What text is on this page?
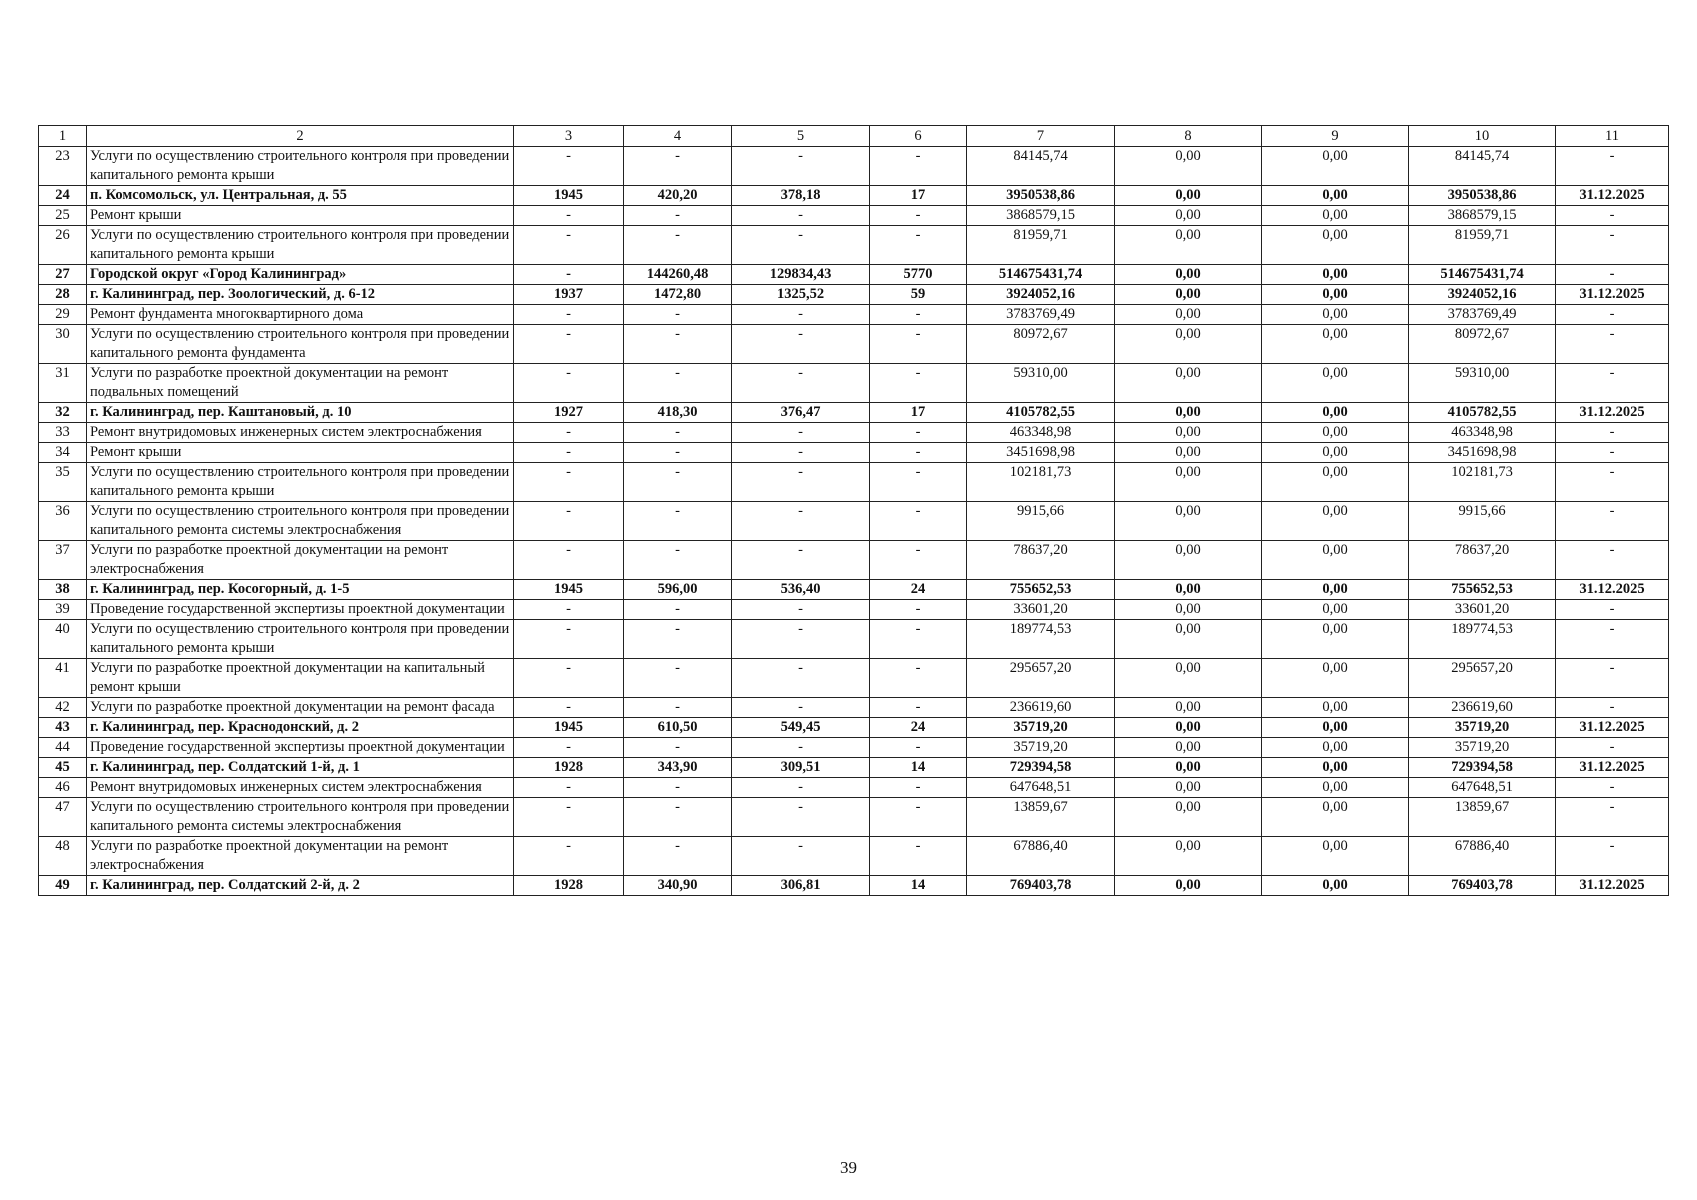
1	2	3	4	5	6	7	8	9	10	11
23	Услуги по осуществлению строительного контроля при проведении капитального ремонта крыши	-	-	-	-	84145,74	0,00	0,00	84145,74	-
24	п. Комсомольск, ул. Центральная, д. 55	1945	420,20	378,18	17	3950538,86	0,00	0,00	3950538,86	31.12.2025
25	Ремонт крыши	-	-	-	-	3868579,15	0,00	0,00	3868579,15	-
26	Услуги по осуществлению строительного контроля при проведении капитального ремонта крыши	-	-	-	-	81959,71	0,00	0,00	81959,71	-
27	Городской округ «Город Калининград»	-	144260,48	129834,43	5770	514675431,74	0,00	0,00	514675431,74	-
28	г. Калининград, пер. Зоологический, д. 6-12	1937	1472,80	1325,52	59	3924052,16	0,00	0,00	3924052,16	31.12.2025
29	Ремонт фундамента многоквартирного дома	-	-	-	-	3783769,49	0,00	0,00	3783769,49	-
30	Услуги по осуществлению строительного контроля при проведении капитального ремонта фундамента	-	-	-	-	80972,67	0,00	0,00	80972,67	-
31	Услуги по разработке проектной документации на ремонт подвальных помещений	-	-	-	-	59310,00	0,00	0,00	59310,00	-
32	г. Калининград, пер. Каштановый, д. 10	1927	418,30	376,47	17	4105782,55	0,00	0,00	4105782,55	31.12.2025
33	Ремонт внутридомовых инженерных систем электроснабжения	-	-	-	-	463348,98	0,00	0,00	463348,98	-
34	Ремонт крыши	-	-	-	-	3451698,98	0,00	0,00	3451698,98	-
35	Услуги по осуществлению строительного контроля при проведении капитального ремонта крыши	-	-	-	-	102181,73	0,00	0,00	102181,73	-
36	Услуги по осуществлению строительного контроля при проведении капитального ремонта системы электроснабжения	-	-	-	-	9915,66	0,00	0,00	9915,66	-
37	Услуги по разработке проектной документации на ремонт электроснабжения	-	-	-	-	78637,20	0,00	0,00	78637,20	-
38	г. Калининград, пер. Косогорный, д. 1-5	1945	596,00	536,40	24	755652,53	0,00	0,00	755652,53	31.12.2025
39	Проведение государственной экспертизы проектной документации	-	-	-	-	33601,20	0,00	0,00	33601,20	-
40	Услуги по осуществлению строительного контроля при проведении капитального ремонта крыши	-	-	-	-	189774,53	0,00	0,00	189774,53	-
41	Услуги по разработке проектной документации на капитальный ремонт крыши	-	-	-	-	295657,20	0,00	0,00	295657,20	-
42	Услуги по разработке проектной документации на ремонт фасада	-	-	-	-	236619,60	0,00	0,00	236619,60	-
43	г. Калининград, пер. Краснодонский, д. 2	1945	610,50	549,45	24	35719,20	0,00	0,00	35719,20	31.12.2025
44	Проведение государственной экспертизы проектной документации	-	-	-	-	35719,20	0,00	0,00	35719,20	-
45	г. Калининград, пер. Солдатский 1-й, д. 1	1928	343,90	309,51	14	729394,58	0,00	0,00	729394,58	31.12.2025
46	Ремонт внутридомовых инженерных систем электроснабжения	-	-	-	-	647648,51	0,00	0,00	647648,51	-
47	Услуги по осуществлению строительного контроля при проведении капитального ремонта системы электроснабжения	-	-	-	-	13859,67	0,00	0,00	13859,67	-
48	Услуги по разработке проектной документации на ремонт электроснабжения	-	-	-	-	67886,40	0,00	0,00	67886,40	-
49	г. Калининград, пер. Солдатский 2-й, д. 2	1928	340,90	306,81	14	769403,78	0,00	0,00	769403,78	31.12.2025
39
